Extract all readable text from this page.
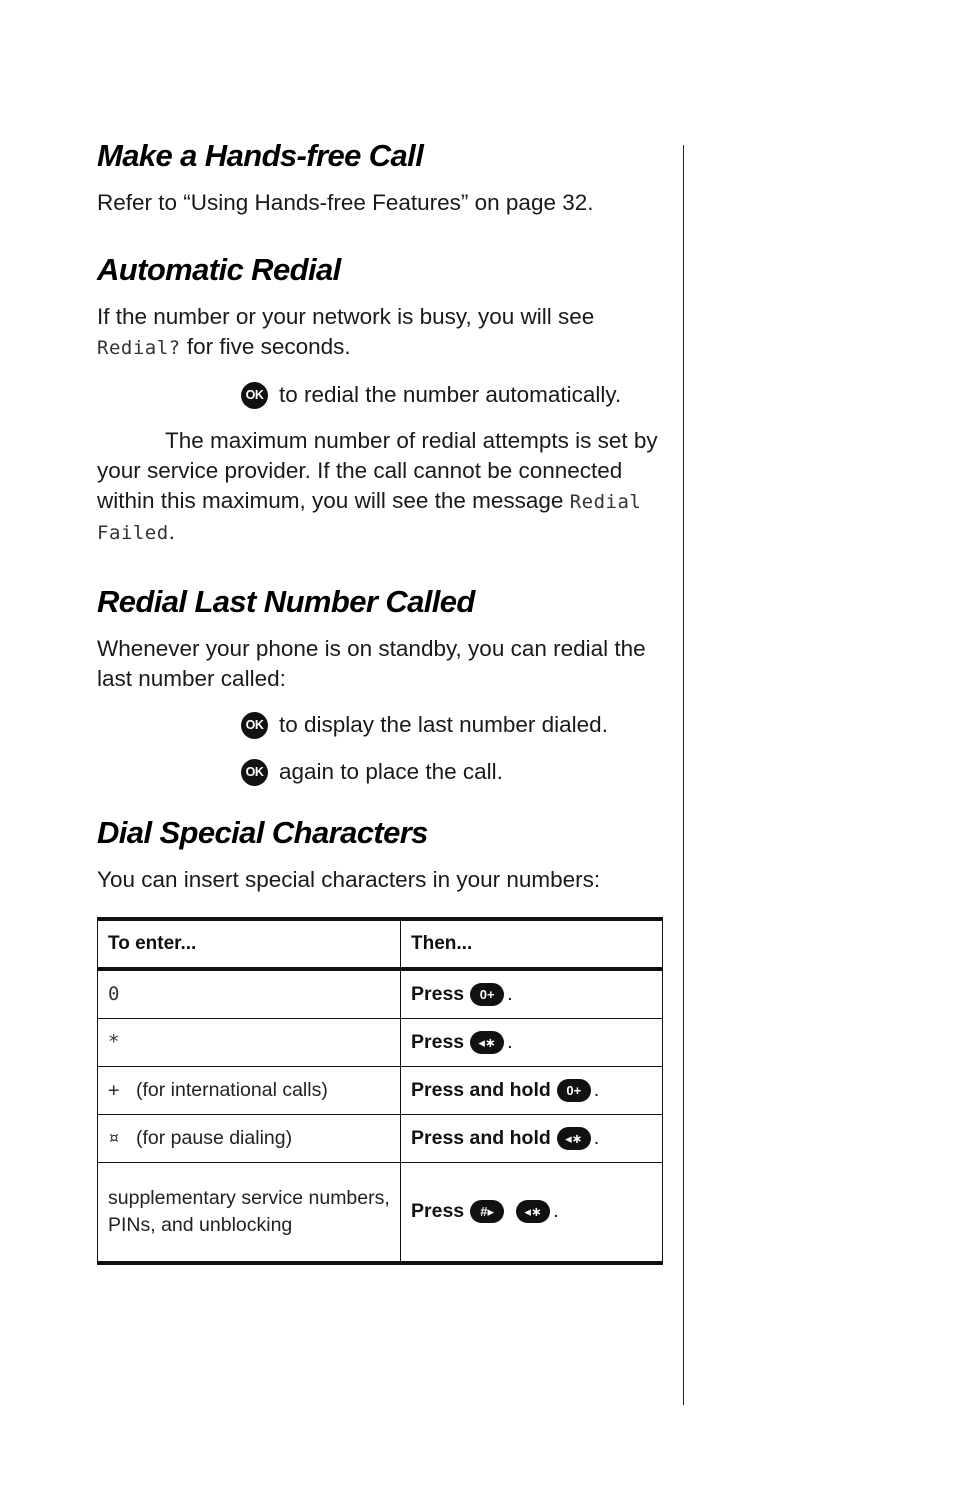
Make a Hands-free Call

Refer to “Using Hands-free Features” on page 32.

Automatic Redial

If the number or your network is busy, you will see
Redial? for five seconds.

OK to redial the number automatically.

The maximum number of redial attempts is set by your service provider. If the call cannot be connected within this maximum, you will see the message Redial Failed.

Redial Last Number Called

Whenever your phone is on standby, you can redial the last number called:

OK to display the last number dialed.
OK again to place the call.
Dial Special Characters

You can insert special characters in your numbers:

To enter...	Then...
0	Press 0+ .
*	Press ◂∗ .
+ (for international calls)	Press and hold 0+ .
¤ (for pause dialing)	Press and hold ◂∗ .
supplementary service numbers, PINs, and unblocking	Press #▸ ◂∗ .
